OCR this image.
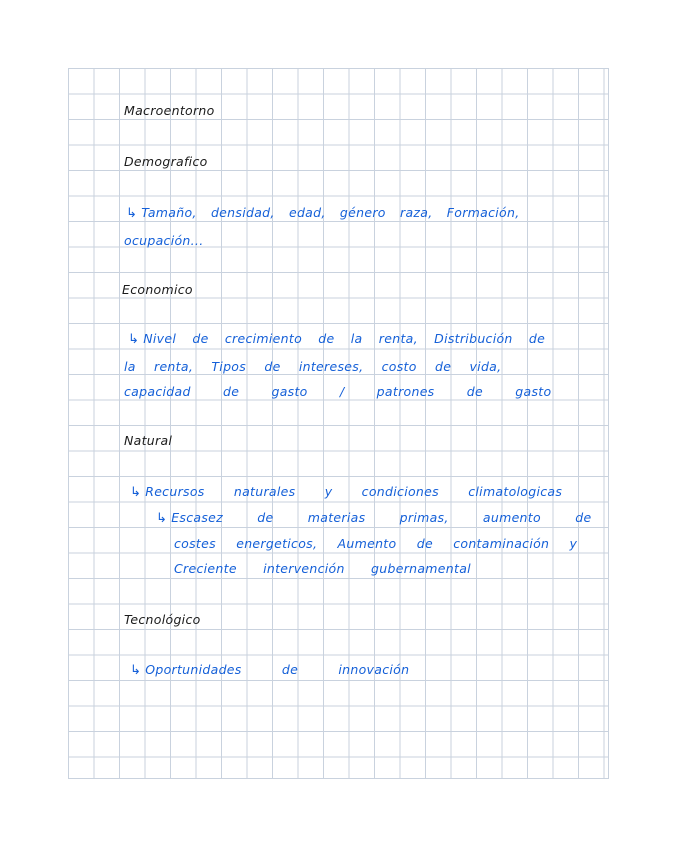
Macroentorno
Demografico
↳ Tamaño, densidad, edad, género raza, Formación,
ocupación...
Economico
↳ Nivel de crecimiento de la renta, Distribución de
la renta, Tipos de intereses, costo de vida,
capacidad de gasto / patrones de gasto
Natural
↳ Recursos naturales y condiciones climatologicas
↳ Escasez de materias primas, aumento de
costes energeticos, Aumento de contaminación y
Creciente intervención gubernamental
Tecnológico
↳ Oportunidades de innovación
